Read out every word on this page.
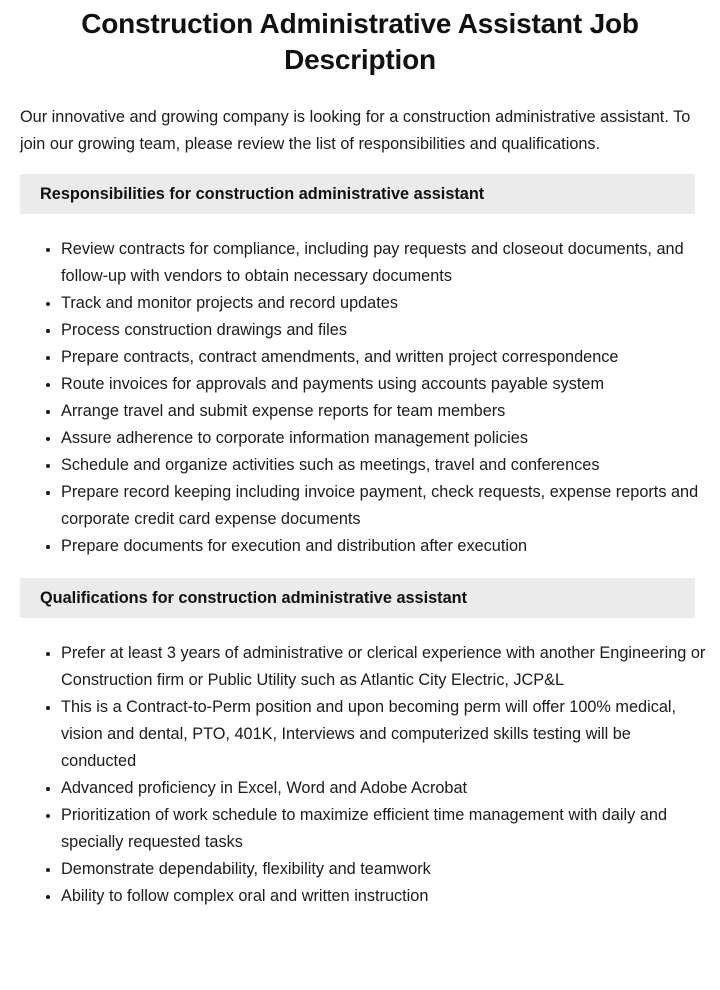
Construction Administrative Assistant Job Description

Our innovative and growing company is looking for a construction administrative assistant. To join our growing team, please review the list of responsibilities and qualifications.

Responsibilities for construction administrative assistant
• Review contracts for compliance, including pay requests and closeout documents, and follow-up with vendors to obtain necessary documents
• Track and monitor projects and record updates
• Process construction drawings and files
• Prepare contracts, contract amendments, and written project correspondence
• Route invoices for approvals and payments using accounts payable system
• Arrange travel and submit expense reports for team members
• Assure adherence to corporate information management policies
• Schedule and organize activities such as meetings, travel and conferences
• Prepare record keeping including invoice payment, check requests, expense reports and corporate credit card expense documents
• Prepare documents for execution and distribution after execution
Qualifications for construction administrative assistant
• Prefer at least 3 years of administrative or clerical experience with another Engineering or Construction firm or Public Utility such as Atlantic City Electric, JCP&L
• This is a Contract-to-Perm position and upon becoming perm will offer 100% medical, vision and dental, PTO, 401K, Interviews and computerized skills testing will be conducted
• Advanced proficiency in Excel, Word and Adobe Acrobat
• Prioritization of work schedule to maximize efficient time management with daily and specially requested tasks
• Demonstrate dependability, flexibility and teamwork
• Ability to follow complex oral and written instruction
